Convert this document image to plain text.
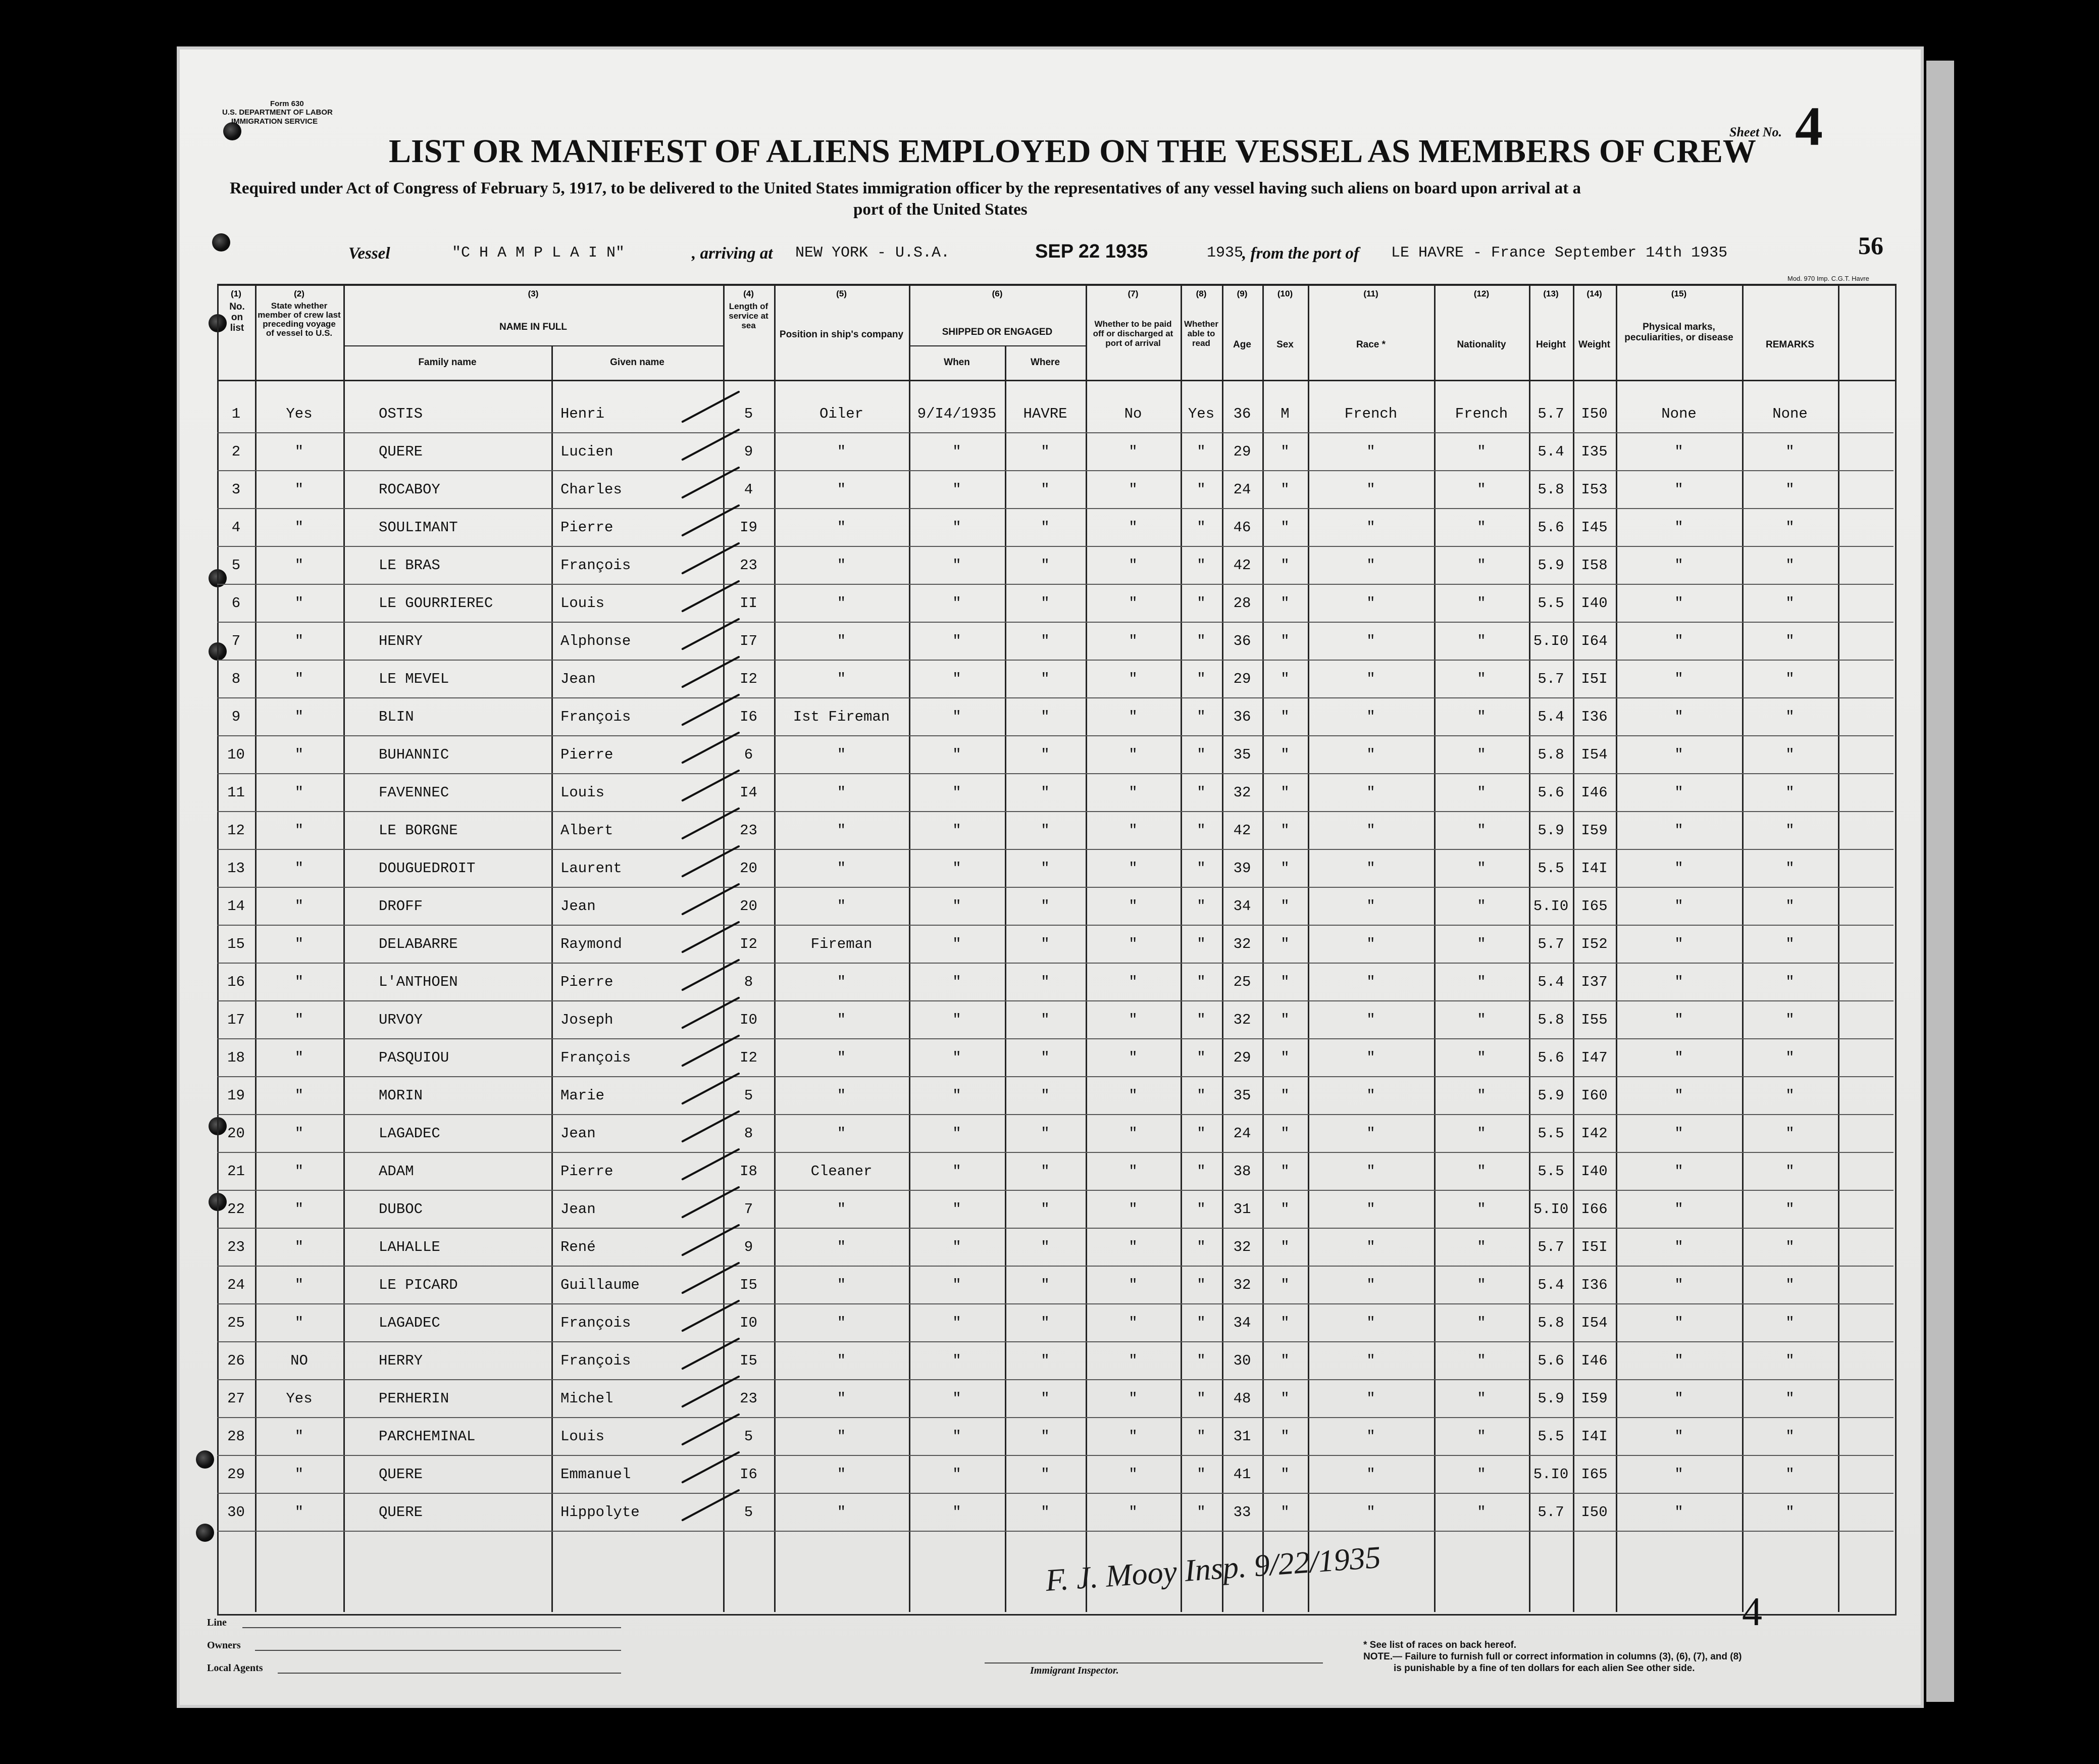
Form 630
U.S. DEPARTMENT OF LABOR
IMMIGRATION SERVICE
LIST OR MANIFEST OF ALIENS EMPLOYED ON THE VESSEL AS MEMBERS OF CREW
Sheet No. 4
Required under Act of Congress of February 5, 1917, to be delivered to the United States immigration officer by the representatives of any vessel having such aliens on board upon arrival at a
port of the United States
Vessel	"C H A M P L A I N"	, arriving at NEW YORK - U.S.A.	SEP 22 1935	1935
, from the port of LE HAVRE - France September 14th 1935	56
Mod. 970 Imp. C.G.T. Havre
(1)	(2)	(3)	(4)	(5)	(6)	(7)	(8)	(9)	(10)	(11)	(12)	(13)	(14)	(15)
No. on list
State whether member of crew last preceding voyage of vessel to U.S.
NAME IN FULL
Family name	Given name
Length of service at sea
Position in ship's company	SHIPPED OR ENGAGED
When	Where
Whether to be paid off or discharged at port of arrival
Whether able to read	Age	Sex	Race *	Nationality	Height	Weight
Physical marks, peculiarities, or disease
REMARKS
1	Yes	OSTIS	Henri	5	Oiler	9/I4/1935	HAVRE	No	Yes	36	M	French	French	5.7	I50	None	None
2	"	QUERE	Lucien	9	"	"	"	"	"	29	"	"	"	5.4	I35	"	"
3	"	ROCABOY	Charles	4	"	"	"	"	"	24	"	"	"	5.8	I53	"	"
4	"	SOULIMANT	Pierre	I9	"	"	"	"	"	46	"	"	"	5.6	I45	"	"
5	"	LE BRAS	François	23	"	"	"	"	"	42	"	"	"	5.9	I58	"	"
6	"	LE GOURRIEREC	Louis	II	"	"	"	"	"	28	"	"	"	5.5	I40	"	"
7	"	HENRY	Alphonse	I7	"	"	"	"	"	36	"	"	"	5.I0 I64	"	"
8	"	LE MEVEL	Jean	I2	"	"	"	"	"	29	"	"	"	5.7	I5I	"	"
9	"	BLIN	François	I6	Ist Fireman	"	"	"	"	36	"	"	"	5.4	I36	"	"
10	"	BUHANNIC	Pierre	6	"	"	"	"	"	35	"	"	"	5.8	I54	"	"
11	"	FAVENNEC	Louis	I4	"	"	"	"	"	32	"	"	"	5.6	I46	"	"
12	"	LE BORGNE	Albert	23	"	"	"	"	"	42	"	"	"	5.9	I59	"	"
13	"	DOUGUEDROIT	Laurent	20	"	"	"	"	"	39	"	"	"	5.5	I4I	"	"
14	"	DROFF	Jean	20	"	"	"	"	"	34	"	"	"	5.I0 I65	"	"
15	"	DELABARRE	Raymond	I2	Fireman	"	"	"	"	32	"	"	"	5.7	I52	"	"
16	"	L'ANTHOEN	Pierre	8	"	"	"	"	"	25	"	"	"	5.4	I37	"	"
17	"	URVOY	Joseph	I0	"	"	"	"	"	32	"	"	"	5.8	I55	"	"
18	"	PASQUIOU	François	I2	"	"	"	"	"	29	"	"	"	5.6	I47	"	"
19	"	MORIN	Marie	5	"	"	"	"	"	35	"	"	"	5.9	I60	"	"
20	"	LAGADEC	Jean	8	"	"	"	"	"	24	"	"	"	5.5	I42	"	"
21	"	ADAM	Pierre	I8	Cleaner	"	"	"	"	38	"	"	"	5.5	I40	"	"
22	"	DUBOC	Jean	7	"	"	"	"	"	31	"	"	"	5.I0 I66	"	"
23	"	LAHALLE	René	9	"	"	"	"	"	32	"	"	"	5.7	I5I	"	"
24	"	LE PICARD	Guillaume	I5	"	"	"	"	"	32	"	"	"	5.4	I36	"	"
25	"	LAGADEC	François	I0	"	"	"	"	"	34	"	"	"	5.8	I54	"	"
26	NO	HERRY	François	I5	"	"	"	"	"	30	"	"	"	5.6	I46	"	"
27	Yes	PERHERIN	Michel	23	"	"	"	"	"	48	"	"	"	5.9	I59	"	"
28	"	PARCHEMINAL	Louis	5	"	"	"	"	"	31	"	"	"	5.5	I4I	"	"
29	"	QUERE	Emmanuel	I6	"	"	"	"	"	41	"	"	"	5.I0 I65	"	"
30	"	QUERE	Hippolyte	5	"	"	"	"	"	33	"	"	"	5.7	I50	"	"
Line
Owners
Local Agents
F. J. Mooy Insp. 9/22/1935
Immigrant Inspector.
4
* See list of races on back hereof.
NOTE.— Failure to furnish full or correct information in columns (3), (6), (7), and (8)
is punishable by a fine of ten dollars for each alien See other side.
